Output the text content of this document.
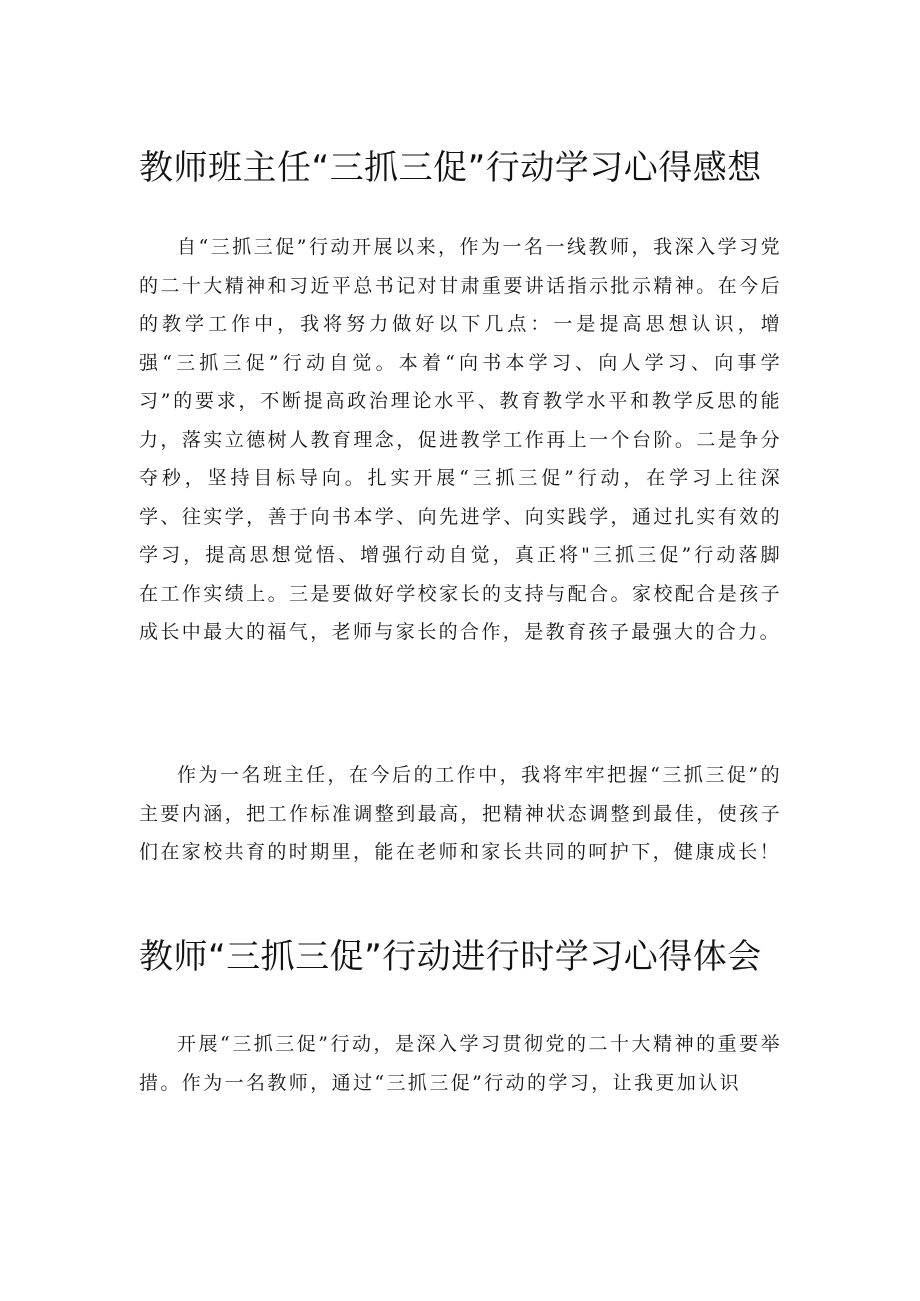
教师班主任“三抓三促”行动学习心得感想

自“三抓三促”行动开展以来，作为一名一线教师，我深入学习党的二十大精神和习近平总书记对甘肃重要讲话指示批示精神。在今后的教学工作中，我将努力做好以下几点：一是提高思想认识，增强“三抓三促”行动自觉。本着“向书本学习、向人学习、向事学习”的要求，不断提高政治理论水平、教育教学水平和教学反思的能力，落实立德树人教育理念，促进教学工作再上一个台阶。二是争分夺秒，坚持目标导向。扎实开展“三抓三促”行动，在学习上往深学、往实学，善于向书本学、向先进学、向实践学，通过扎实有效的学习，提高思想觉悟、增强行动自觉，真正将"三抓三促”行动落脚在工作实绩上。三是要做好学校家长的支持与配合。家校配合是孩子成长中最大的福气，老师与家长的合作，是教育孩子最强大的合力。

作为一名班主任，在今后的工作中，我将牢牢把握“三抓三促”的主要内涵，把工作标准调整到最高，把精神状态调整到最佳，使孩子们在家校共育的时期里，能在老师和家长共同的呵护下，健康成长！

教师“三抓三促”行动进行时学习心得体会

开展“三抓三促”行动，是深入学习贯彻党的二十大精神的重要举措。作为一名教师，通过“三抓三促”行动的学习，让我更加认识
